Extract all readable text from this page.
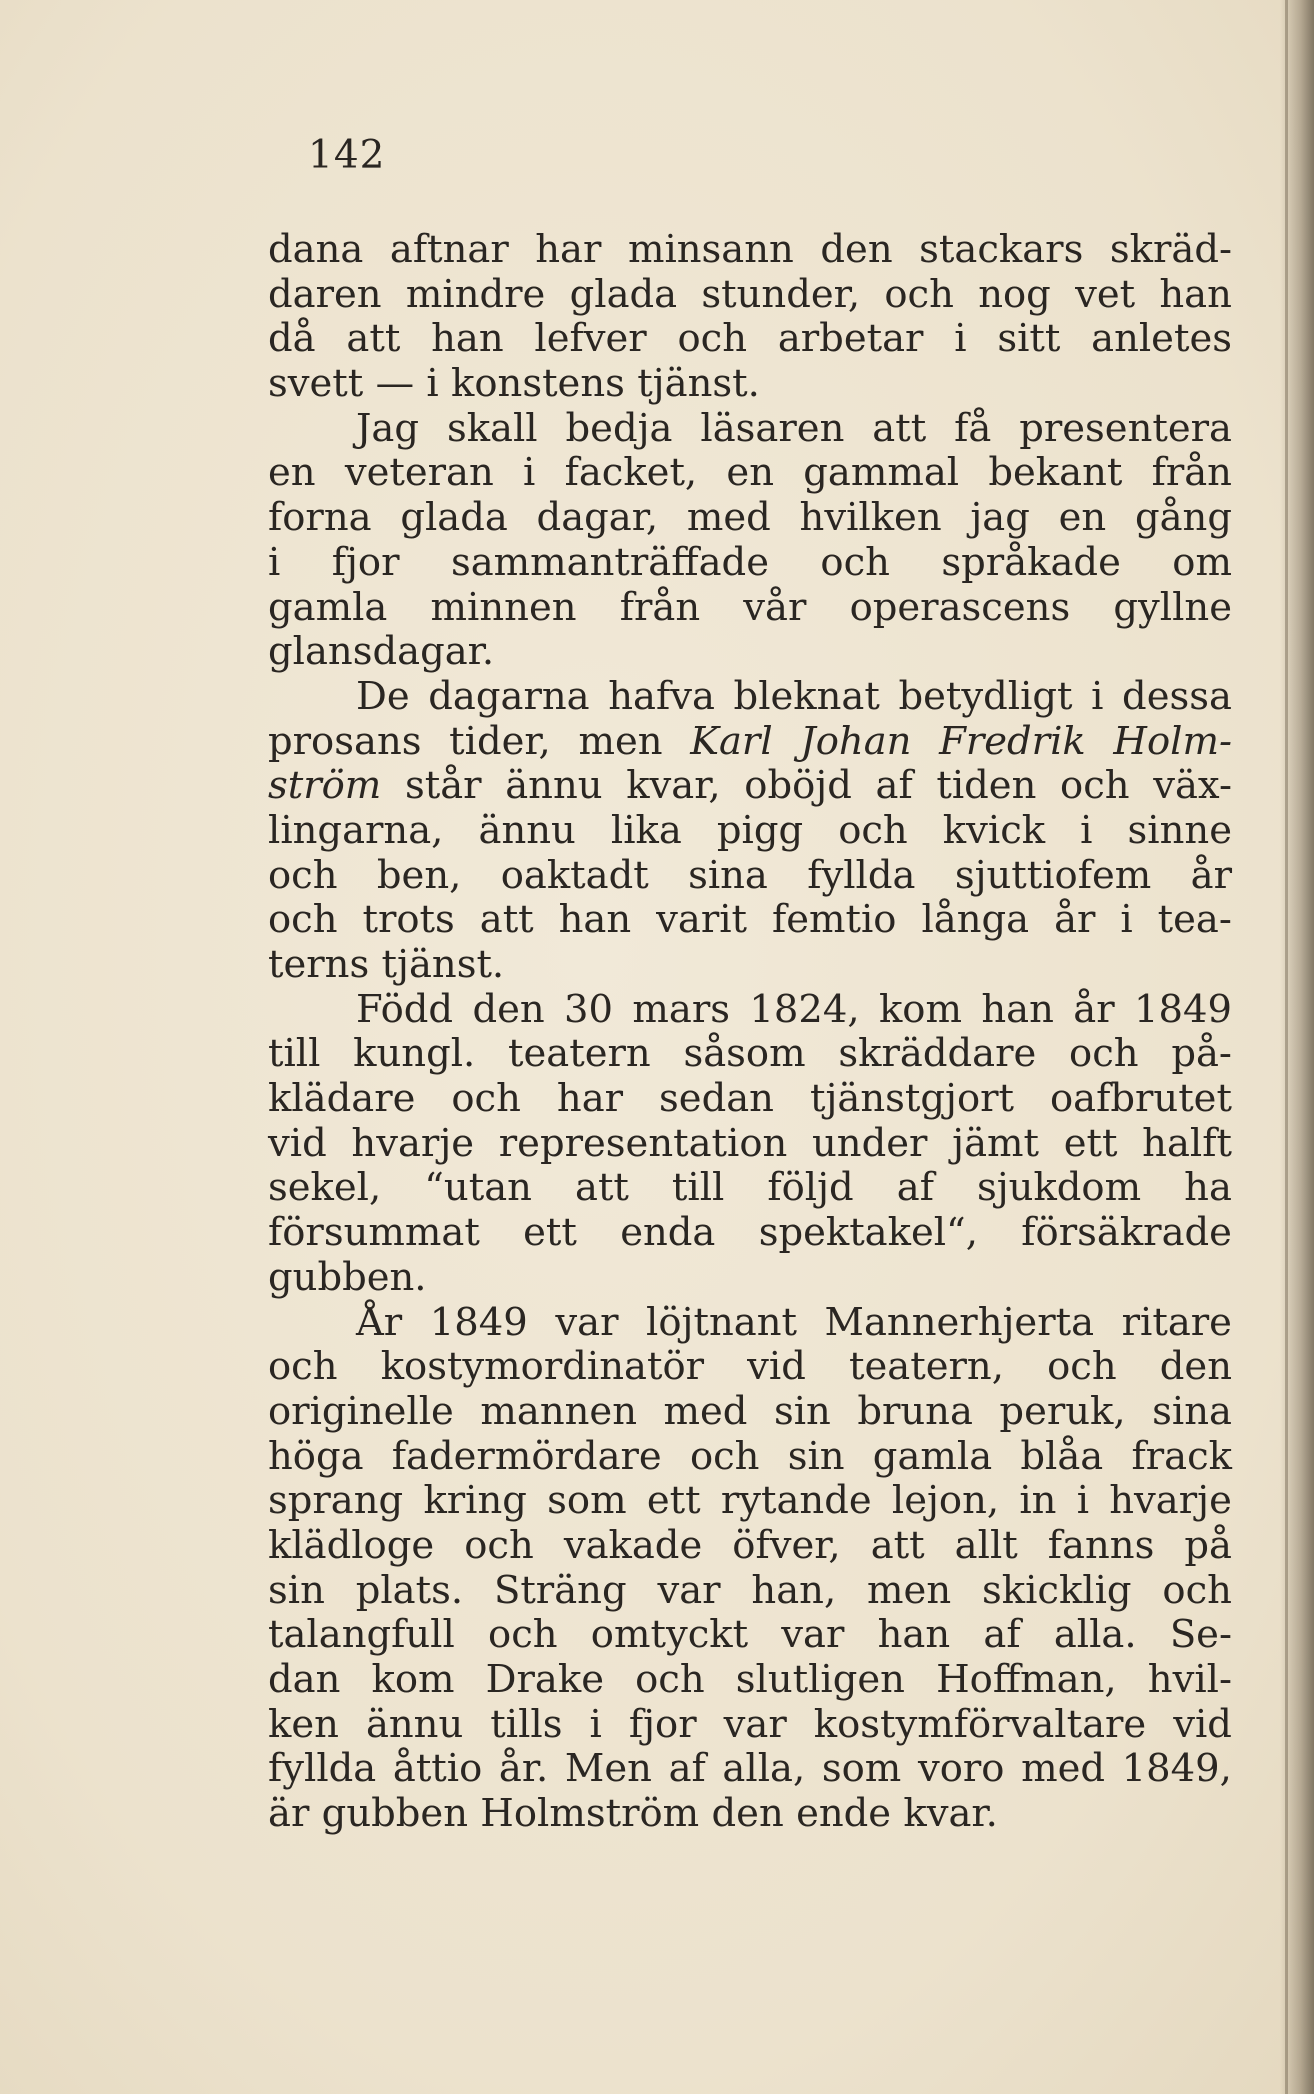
142
dana aftnar har minsann den stackars skräd-
daren mindre glada stunder, och nog vet han
då att han lefver och arbetar i sitt anletes
svett — i konstens tjänst.
Jag skall bedja läsaren att få presentera
en veteran i facket, en gammal bekant från
forna glada dagar, med hvilken jag en gång
i fjor sammanträffade och språkade om
gamla minnen från vår operascens gyllne
glansdagar.
De dagarna hafva bleknat betydligt i dessa
prosans tider, men Karl Johan Fredrik Holm-
ström står ännu kvar, oböjd af tiden och väx-
lingarna, ännu lika pigg och kvick i sinne
och ben, oaktadt sina fyllda sjuttiofem år
och trots att han varit femtio långa år i tea-
terns tjänst.
Född den 30 mars 1824, kom han år 1849
till kungl. teatern såsom skräddare och på-
klädare och har sedan tjänstgjort oafbrutet
vid hvarje representation under jämt ett halft
sekel, “utan att till följd af sjukdom ha
försummat ett enda spektakel“, försäkrade
gubben.
År 1849 var löjtnant Mannerhjerta ritare
och kostymordinatör vid teatern, och den
originelle mannen med sin bruna peruk, sina
höga fadermördare och sin gamla blåa frack
sprang kring som ett rytande lejon, in i hvarje
klädloge och vakade öfver, att allt fanns på
sin plats. Sträng var han, men skicklig och
talangfull och omtyckt var han af alla. Se-
dan kom Drake och slutligen Hoffman, hvil-
ken ännu tills i fjor var kostymförvaltare vid
fyllda åttio år. Men af alla, som voro med 1849,
är gubben Holmström den ende kvar.
